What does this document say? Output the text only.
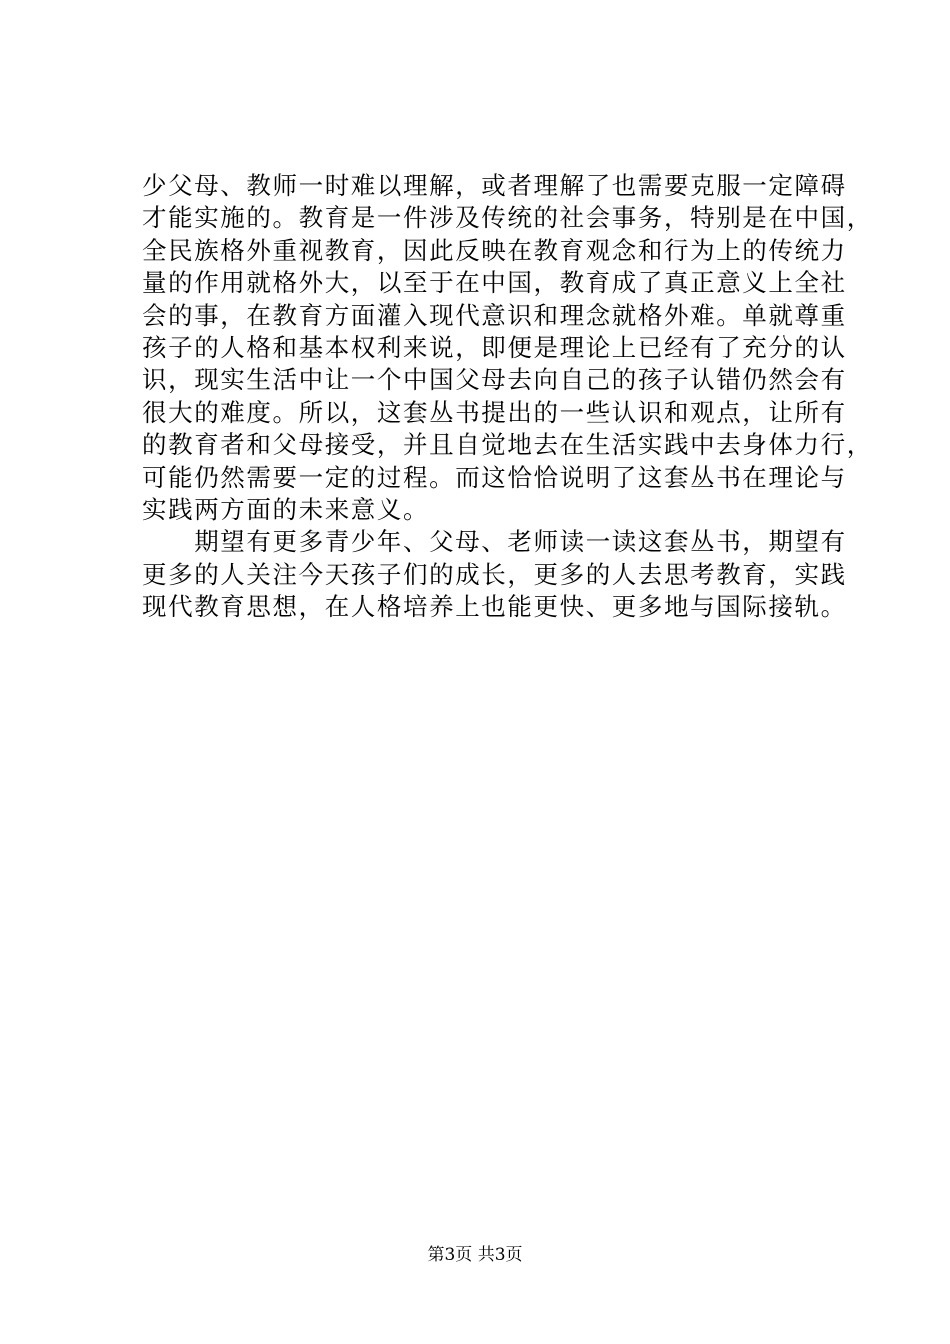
少父母、教师一时难以理解，或者理解了也需要克服一定障碍
才能实施的。教育是一件涉及传统的社会事务，特别是在中国，
全民族格外重视教育，因此反映在教育观念和行为上的传统力
量的作用就格外大，以至于在中国，教育成了真正意义上全社
会的事，在教育方面灌入现代意识和理念就格外难。单就尊重
孩子的人格和基本权利来说，即便是理论上已经有了充分的认
识，现实生活中让一个中国父母去向自己的孩子认错仍然会有
很大的难度。所以，这套丛书提出的一些认识和观点，让所有
的教育者和父母接受，并且自觉地去在生活实践中去身体力行，
可能仍然需要一定的过程。而这恰恰说明了这套丛书在理论与
实践两方面的未来意义。
　　期望有更多青少年、父母、老师读一读这套丛书，期望有
更多的人关注今天孩子们的成长，更多的人去思考教育，实践
现代教育思想，在人格培养上也能更快、更多地与国际接轨。
第3页 共3页
